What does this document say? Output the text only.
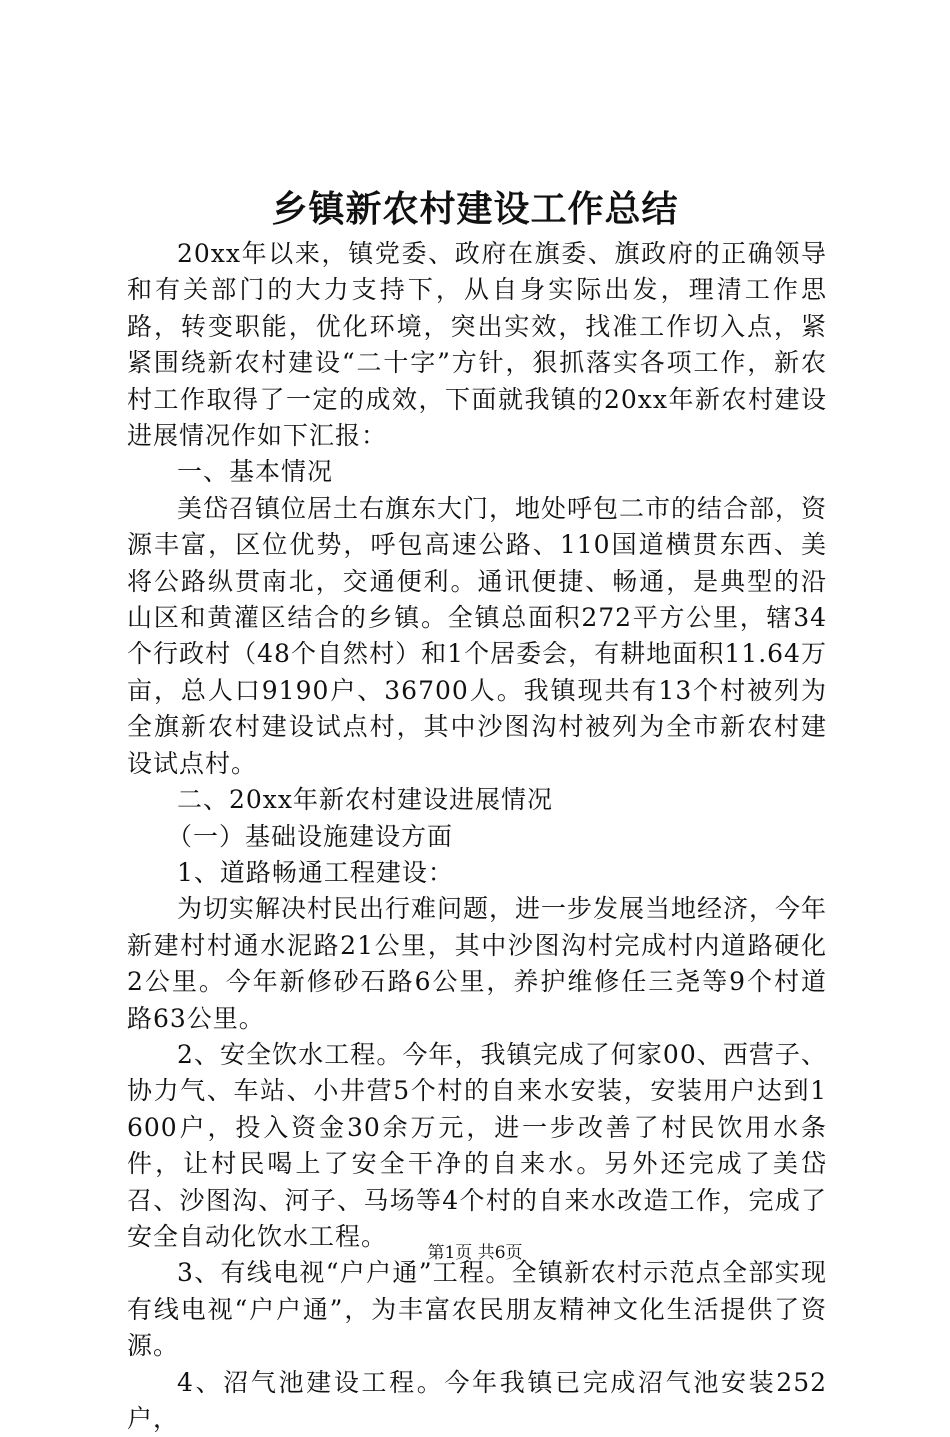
乡镇新农村建设工作总结

20xx年以来，镇党委、政府在旗委、旗政府的正确领导和有关部门的大力支持下，从自身实际出发，理清工作思路，转变职能，优化环境，突出实效，找准工作切入点，紧紧围绕新农村建设“二十字”方针，狠抓落实各项工作，新农村工作取得了一定的成效，下面就我镇的20xx年新农村建设进展情况作如下汇报：

一、基本情况

美岱召镇位居土右旗东大门，地处呼包二市的结合部，资源丰富，区位优势，呼包高速公路、110国道横贯东西、美将公路纵贯南北，交通便利。通讯便捷、畅通，是典型的沿山区和黄灌区结合的乡镇。全镇总面积272平方公里，辖34个行政村（48个自然村）和1个居委会，有耕地面积11.64万亩，总人口9190户、36700人。我镇现共有13个村被列为全旗新农村建设试点村，其中沙图沟村被列为全市新农村建设试点村。

二、20xx年新农村建设进展情况

（一）基础设施建设方面

1、道路畅通工程建设：

为切实解决村民出行难问题，进一步发展当地经济，今年新建村村通水泥路21公里，其中沙图沟村完成村内道路硬化2公里。今年新修砂石路6公里，养护维修任三尧等9个村道路63公里。

2、安全饮水工程。今年，我镇完成了何家00、西营子、协力气、车站、小井营5个村的自来水安装，安装用户达到1600户，投入资金30余万元，进一步改善了村民饮用水条件，让村民喝上了安全干净的自来水。另外还完成了美岱召、沙图沟、河子、马场等4个村的自来水改造工作，完成了安全自动化饮水工程。

3、有线电视“户户通”工程。全镇新农村示范点全部实现有线电视“户户通”，为丰富农民朋友精神文化生活提供了资源。

4、沼气池建设工程。今年我镇已完成沼气池安装252户，

第1页 共6页
